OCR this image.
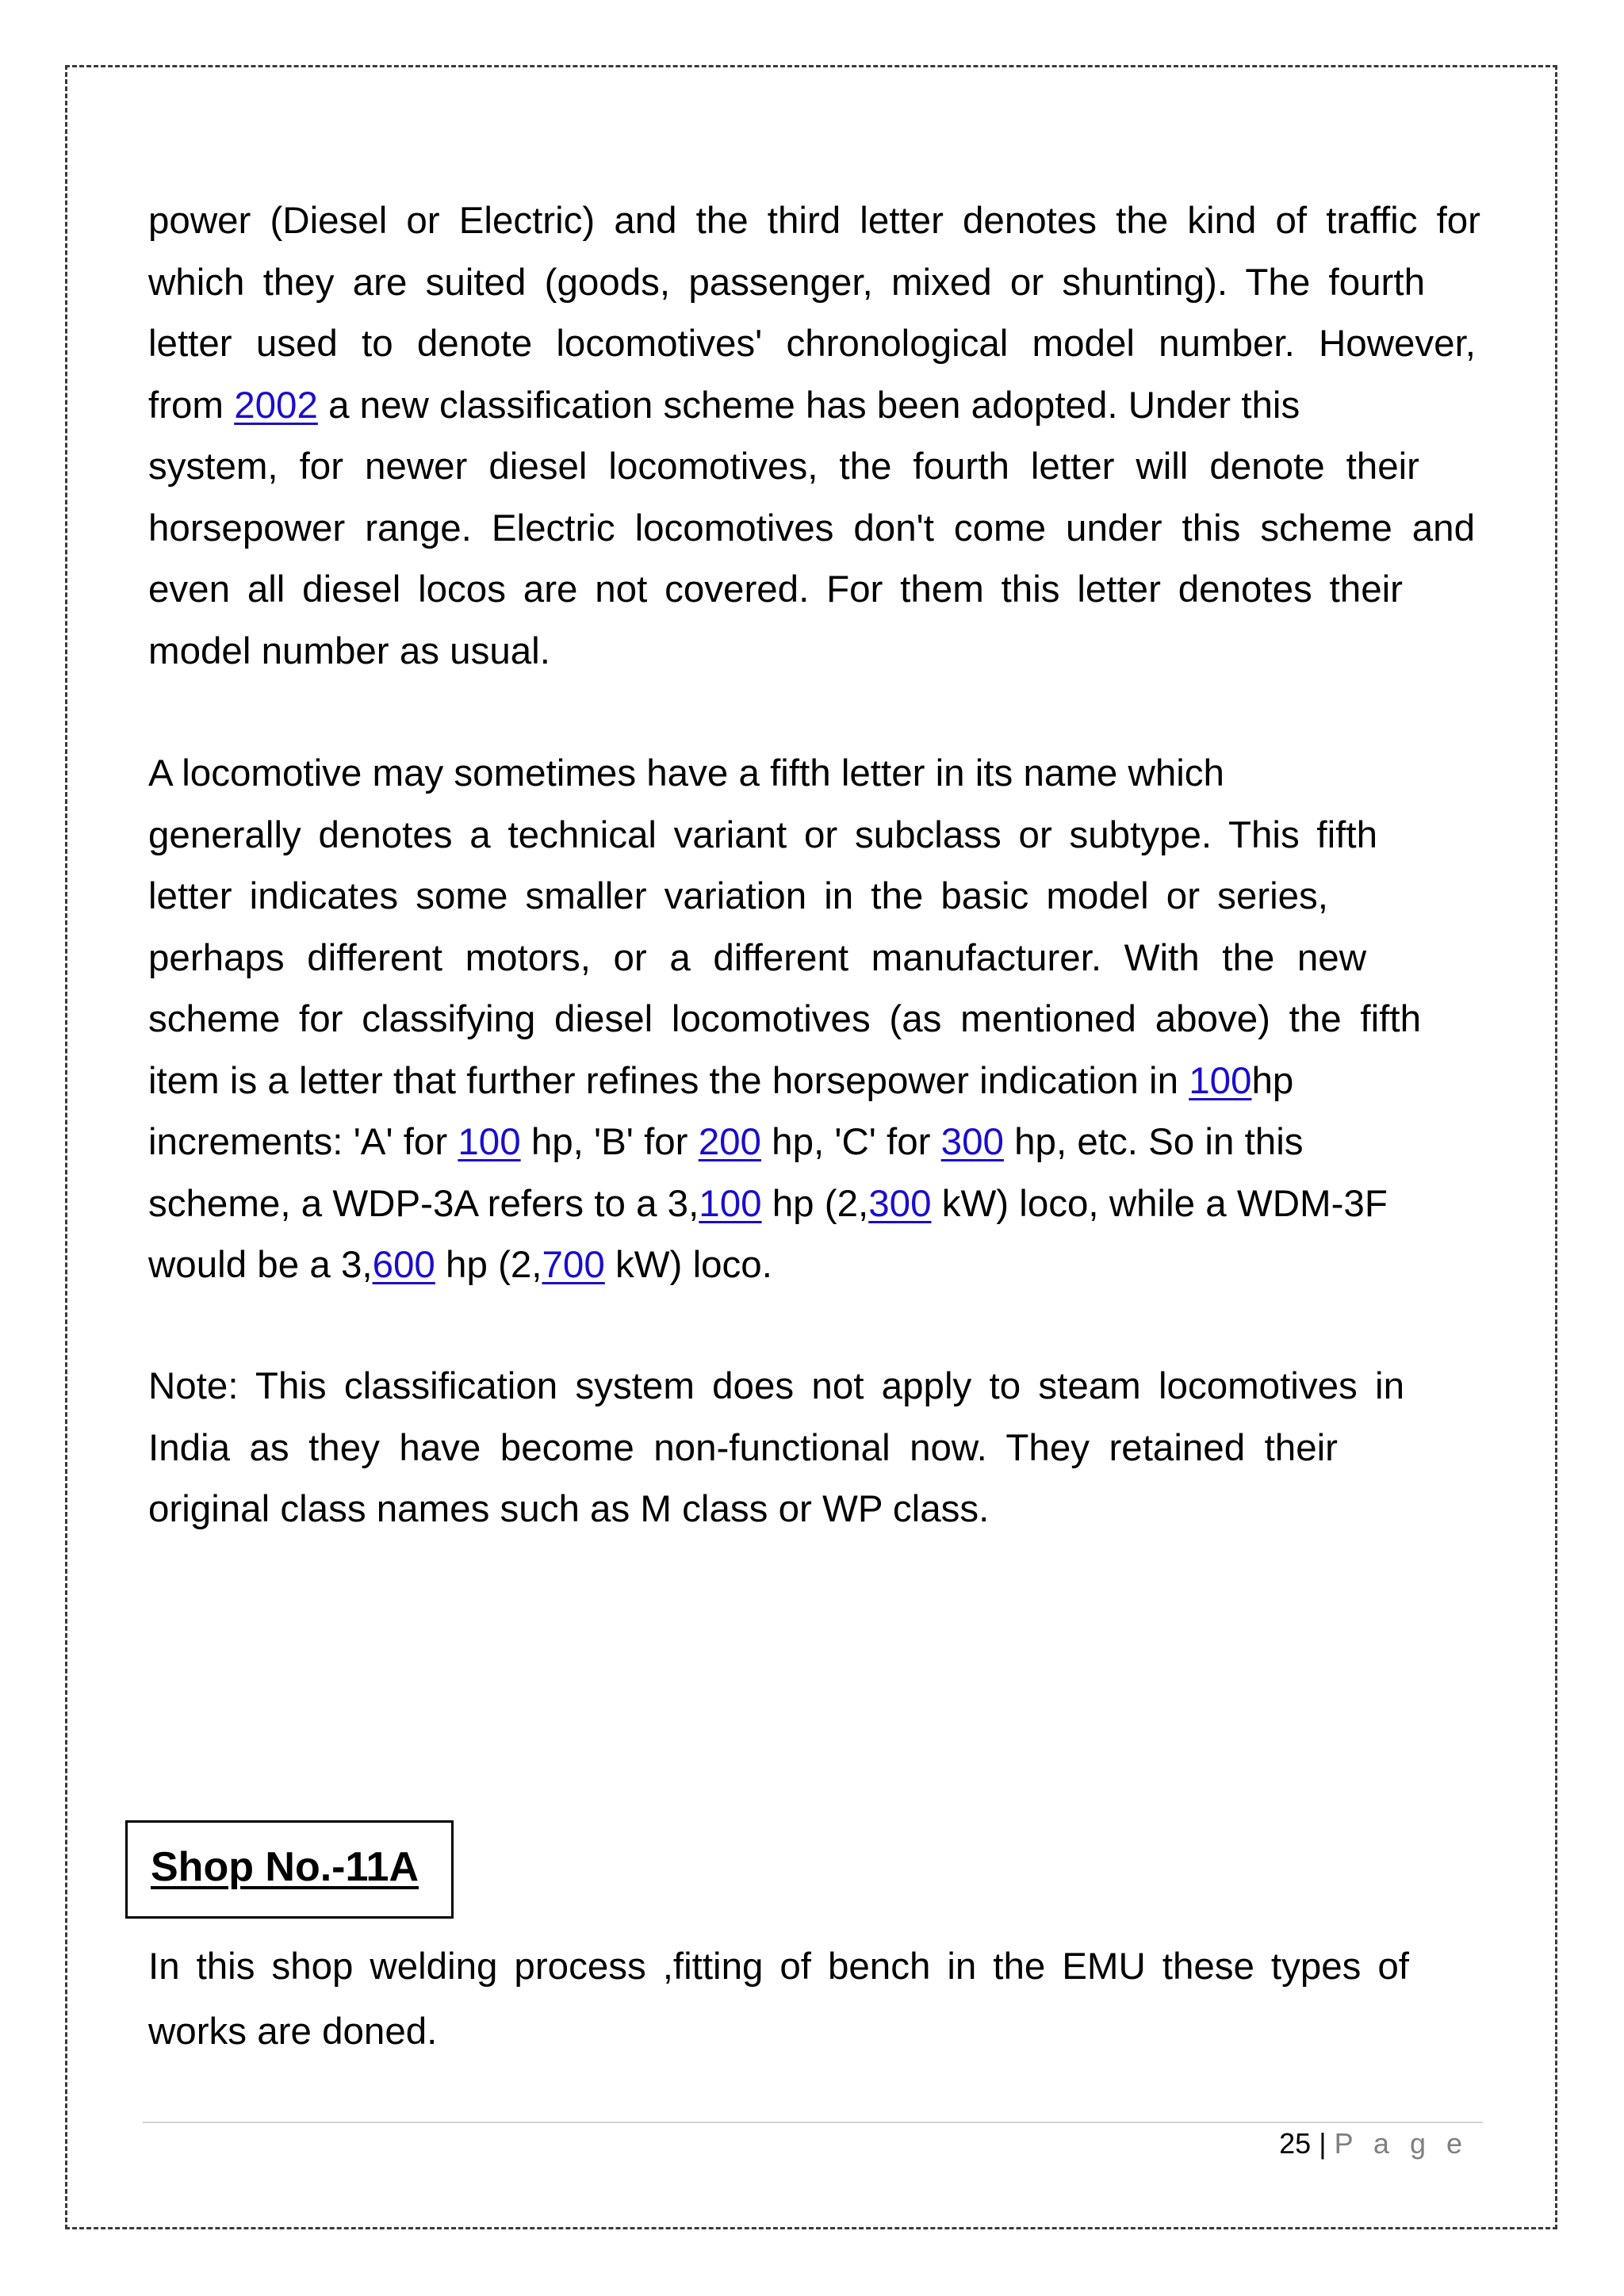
power (Diesel or Electric) and the third letter denotes the kind of traffic for
which they are suited (goods, passenger, mixed or shunting). The fourth
letter used to denote locomotives' chronological model number. However,
from 2002 a new classification scheme has been adopted. Under this
system, for newer diesel locomotives, the fourth letter will denote their
horsepower range. Electric locomotives don't come under this scheme and
even all diesel locos are not covered. For them this letter denotes their
model number as usual.
A locomotive may sometimes have a fifth letter in its name which
generally denotes a technical variant or subclass or subtype. This fifth
letter indicates some smaller variation in the basic model or series,
perhaps different motors, or a different manufacturer. With the new
scheme for classifying diesel locomotives (as mentioned above) the fifth
item is a letter that further refines the horsepower indication in 100hp
increments: 'A' for 100 hp, 'B' for 200 hp, 'C' for 300 hp, etc. So in this
scheme, a WDP-3A refers to a 3,100 hp (2,300 kW) loco, while a WDM-3F
would be a 3,600 hp (2,700 kW) loco.
Note: This classification system does not apply to steam locomotives in
India as they have become non-functional now. They retained their
original class names such as M class or WP class.
Shop No.-11A
In this shop welding process ,fitting of bench in the EMU these types of
works are doned.
25 | P a g e
